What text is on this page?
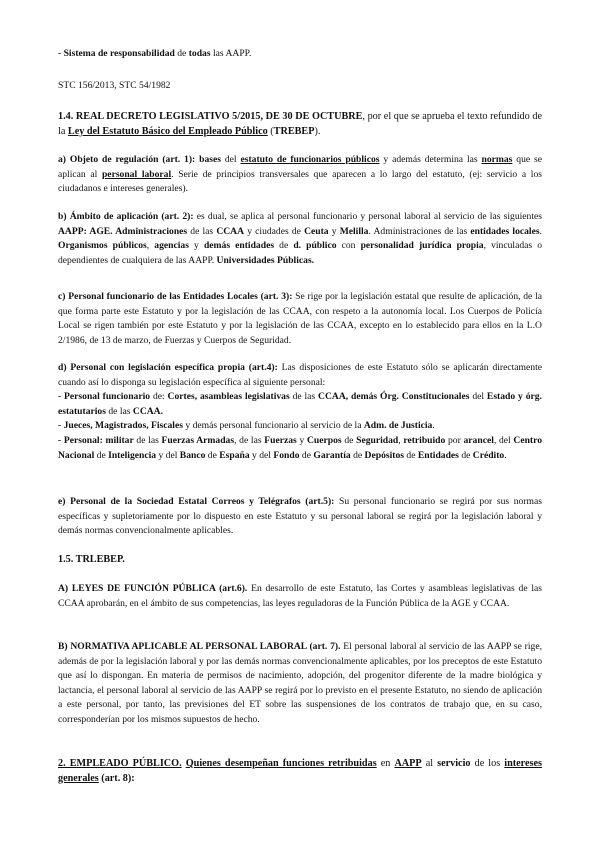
- Sistema de responsabilidad de todas las AAPP.

STC 156/2013, STC 54/1982

1.4. REAL DECRETO LEGISLATIVO 5/2015, DE 30 DE OCTUBRE, por el que se aprueba el texto refundido de la Ley del Estatuto Básico del Empleado Público (TREBEP).

a) Objeto de regulación (art. 1): bases del estatuto de funcionarios públicos y además determina las normas que se aplican al personal laboral. Serie de principios transversales que aparecen a lo largo del estatuto, (ej: servicio a los ciudadanos e intereses generales).

b) Ámbito de aplicación (art. 2): es dual, se aplica al personal funcionario y personal laboral al servicio de las siguientes AAPP: AGE. Administraciones de las CCAA y ciudades de Ceuta y Melilla. Administraciones de las entidades locales. Organismos públicos, agencias y demás entidades de d. público con personalidad jurídica propia, vinculadas o dependientes de cualquiera de las AAPP. Universidades Públicas.

c) Personal funcionario de las Entidades Locales (art. 3): Se rige por la legislación estatal que resulte de aplicación, de la que forma parte este Estatuto y por la legislación de las CCAA, con respeto a la autonomía local. Los Cuerpos de Policía Local se rigen también por este Estatuto y por la legislación de las CCAA, excepto en lo establecido para ellos en la L.O 2/1986, de 13 de marzo, de Fuerzas y Cuerpos de Seguridad.

d) Personal con legislación específica propia (art.4): Las disposiciones de este Estatuto sólo se aplicarán directamente cuando así lo disponga su legislación específica al siguiente personal:
- Personal funcionario de: Cortes, asambleas legislativas de las CCAA, demás Órg. Constitucionales del Estado y órg. estatutarios de las CCAA.
- Jueces, Magistrados, Fiscales y demás personal funcionario al servicio de la Adm. de Justicia.
- Personal: militar de las Fuerzas Armadas, de las Fuerzas y Cuerpos de Seguridad, retribuido por arancel, del Centro Nacional de Inteligencia y del Banco de España y del Fondo de Garantía de Depósitos de Entidades de Crédito.

e) Personal de la Sociedad Estatal Correos y Telégrafos (art.5): Su personal funcionario se regirá por sus normas específicas y supletoriamente por lo dispuesto en este Estatuto y su personal laboral se regirá por la legislación laboral y demás normas convencionalmente aplicables.

1.5. TRLEBEP.

A) LEYES DE FUNCIÓN PÚBLICA (art.6). En desarrollo de este Estatuto, las Cortes y asambleas legislativas de las CCAA aprobarán, en el ámbito de sus competencias, las leyes reguladoras de la Función Pública de la AGE y CCAA.

B) NORMATIVA APLICABLE AL PERSONAL LABORAL (art. 7). El personal laboral al servicio de las AAPP se rige, además de por la legislación laboral y por las demás normas convencionalmente aplicables, por los preceptos de este Estatuto que así lo dispongan. En materia de permisos de nacimiento, adopción, del progenitor diferente de la madre biológica y lactancia, el personal laboral al servicio de las AAPP se regirá por lo previsto en el presente Estatuto, no siendo de aplicación a este personal, por tanto, las previsiones del ET sobre las suspensiones de los contratos de trabajo que, en su caso, corresponderían por los mismos supuestos de hecho.

2. EMPLEADO PÚBLICO. Quienes desempeñan funciones retribuidas en AAPP al servicio de los intereses generales (art. 8):
